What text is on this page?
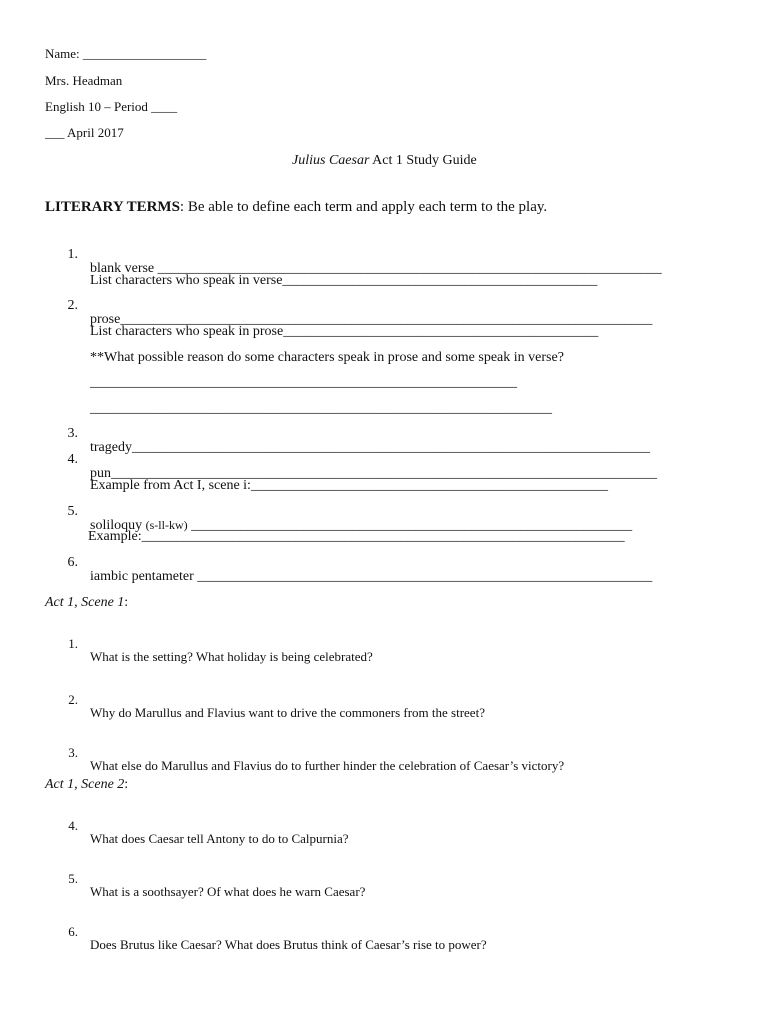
Name: ___________________
Mrs. Headman
English 10 – Period ____
___ April 2017
Julius Caesar Act 1 Study Guide
LITERARY TERMS: Be able to define each term and apply each term to the play.

1.

blank verse ________________________________________________________________________

List characters who speak in verse_____________________________________________

2.

prose____________________________________________________________________________

List characters who speak in prose_____________________________________________

**What possible reason do some characters speak in prose and some speak in verse?

_____________________________________________________________

__________________________________________________________________

3.

tragedy__________________________________________________________________________

4.

pun______________________________________________________________________________

Example from Act I, scene i:___________________________________________________

5.

soliloquy (s-ll-kw) _______________________________________________________________

Example:_____________________________________________________________________

6.

iambic pentameter _________________________________________________________________

Act 1, Scene 1:

1.

What is the setting? What holiday is being celebrated?

2.

Why do Marullus and Flavius want to drive the commoners from the street?

3.

What else do Marullus and Flavius do to further hinder the celebration of Caesar’s victory?

Act 1, Scene 2:

4.

What does Caesar tell Antony to do to Calpurnia?

5.

What is a soothsayer? Of what does he warn Caesar?

6.

Does Brutus like Caesar? What does Brutus think of Caesar’s rise to power?
